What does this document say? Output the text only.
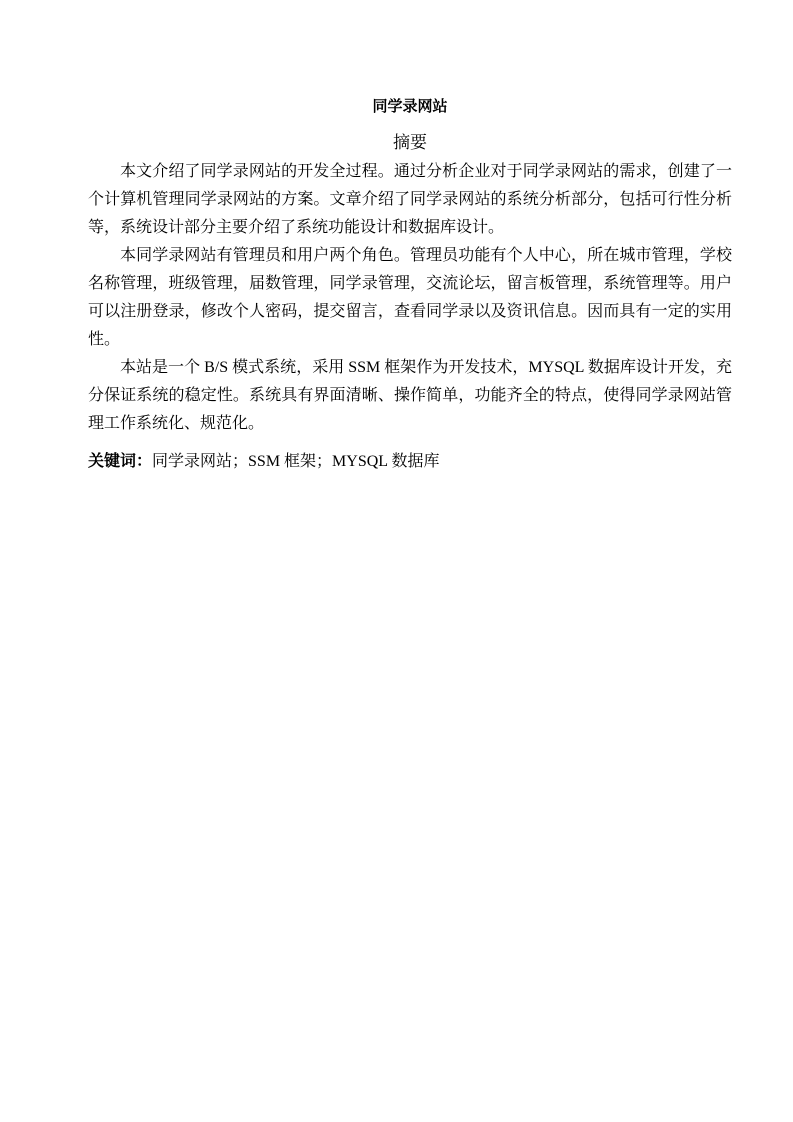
同学录网站
摘要

本文介绍了同学录网站的开发全过程。通过分析企业对于同学录网站的需求，创建了一个计算机管理同学录网站的方案。文章介绍了同学录网站的系统分析部分，包括可行性分析等，系统设计部分主要介绍了系统功能设计和数据库设计。

本同学录网站有管理员和用户两个角色。管理员功能有个人中心，所在城市管理，学校名称管理，班级管理，届数管理，同学录管理，交流论坛，留言板管理，系统管理等。用户可以注册登录，修改个人密码，提交留言，查看同学录以及资讯信息。因而具有一定的实用性。

本站是一个 B/S 模式系统，采用 SSM 框架作为开发技术，MYSQL 数据库设计开发，充分保证系统的稳定性。系统具有界面清晰、操作简单，功能齐全的特点，使得同学录网站管理工作系统化、规范化。

关键词：同学录网站；SSM 框架；MYSQL 数据库
